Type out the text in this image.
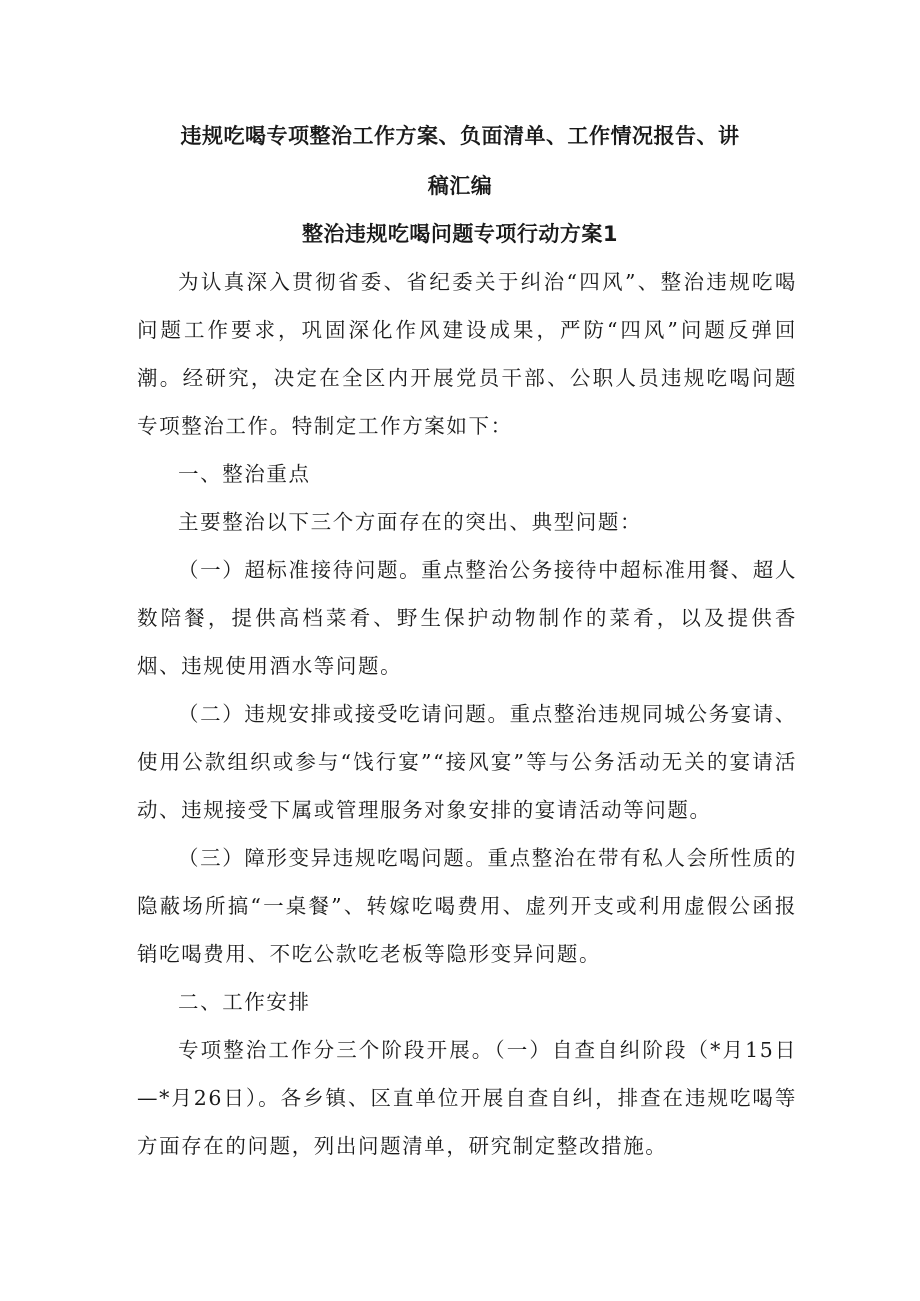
违规吃喝专项整治工作方案、负面清单、工作情况报告、讲
稿汇编
整治违规吃喝问题专项行动方案1

为认真深入贯彻省委、省纪委关于纠治“四风”、整治违规吃喝问题工作要求，巩固深化作风建设成果，严防“四风”问题反弹回潮。经研究，决定在全区内开展党员干部、公职人员违规吃喝问题专项整治工作。特制定工作方案如下：

一、整治重点

主要整治以下三个方面存在的突出、典型问题：

（一）超标准接待问题。重点整治公务接待中超标准用餐、超人数陪餐，提供高档菜肴、野生保护动物制作的菜肴，以及提供香烟、违规使用酒水等问题。

（二）违规安排或接受吃请问题。重点整治违规同城公务宴请、使用公款组织或参与“饯行宴”“接风宴”等与公务活动无关的宴请活动、违规接受下属或管理服务对象安排的宴请活动等问题。

（三）障形变异违规吃喝问题。重点整治在带有私人会所性质的隐蔽场所搞“一桌餐”、转嫁吃喝费用、虚列开支或利用虚假公函报销吃喝费用、不吃公款吃老板等隐形变异问题。

二、工作安排

专项整治工作分三个阶段开展。（一）自查自纠阶段（*月15日—*月26日）。各乡镇、区直单位开展自查自纠，排查在违规吃喝等方面存在的问题，列出问题清单，研究制定整改措施。
